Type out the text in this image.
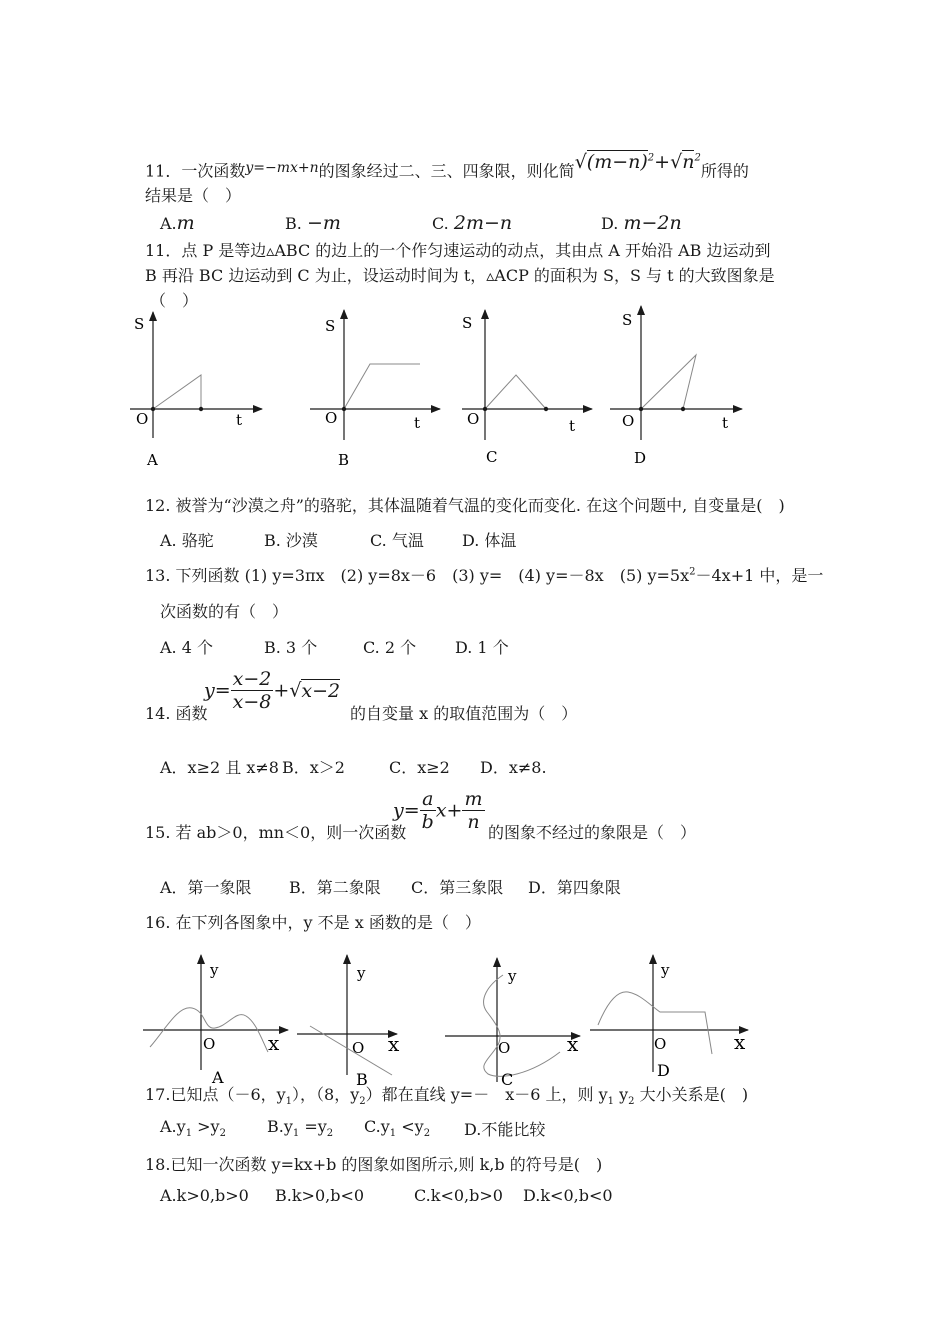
11．一次函数y=−mx+n的图象经过二、三、四象限，则化简$√(m-n)^2+√n^2$所得的
结果是（　）
A.m	B. −m	C. 2m−n	D. m−2n
11．点 P 是等边▵ABC 的边上的一个作匀速运动的动点，其由点 A 开始沿 AB 边运动到
B 再沿 BC 边运动到 C 为止，设运动时间为 t，▵ACP 的面积为 S，S 与 t 的大致图象是
（　）
S
O	t
A
S
O	t
B
S
O	t
C
S
O	t
D
12. 被誉为“沙漠之舟”的骆驼，其体温随着气温的变化而变化. 在这个问题中, 自变量是(　)
A. 骆驼	B. 沙漠	C. 气温 D. 体温
13. 下列函数 (1) y=3πx　(2) y=8x－6　(3) y=　(4) y=－8x　(5) $y=5x^2-4x+1$ 中，是一
次函数的有（　）
A. 4 个	B. 3 个	C. 2 个 D. 1 个
14. 函数
$y= \frac{x-2}{x-8} +√x-2$
的自变量 x 的取值范围为（　）
A．x≥2 且 x≠8 B．x＞2	C．x≥2 D．x≠8.
15. 若 ab＞0，mn＜0，则一次函数
$y= \frac{a}{b} x+ \frac{m}{n}$ 的图象不经过的象限是（　）
A．第一象限 B．第二象限 C．第三象限 D．第四象限
16. 在下列各图象中，y 不是 x 函数的是（　）
y
O	x
A
y
O x
B
y
O	x
C
y
O	x
D
17.已知点（－6，$y_1$），（8，$y_2$）都在直线 y=－　x－6 上，则 $y_1$ $y_2$ 大小关系是(　)
$A.y_1 >y_2$	$B.y_1 =y_2$ $C.y_1 <y_2$ D.不能比较
18.已知一次函数 y=kx+b 的图象如图所示,则 k,b 的符号是(　)
A.k>0,b>0 B.k>0,b<0	C.k<0,b>0 D.k<0,b<0
